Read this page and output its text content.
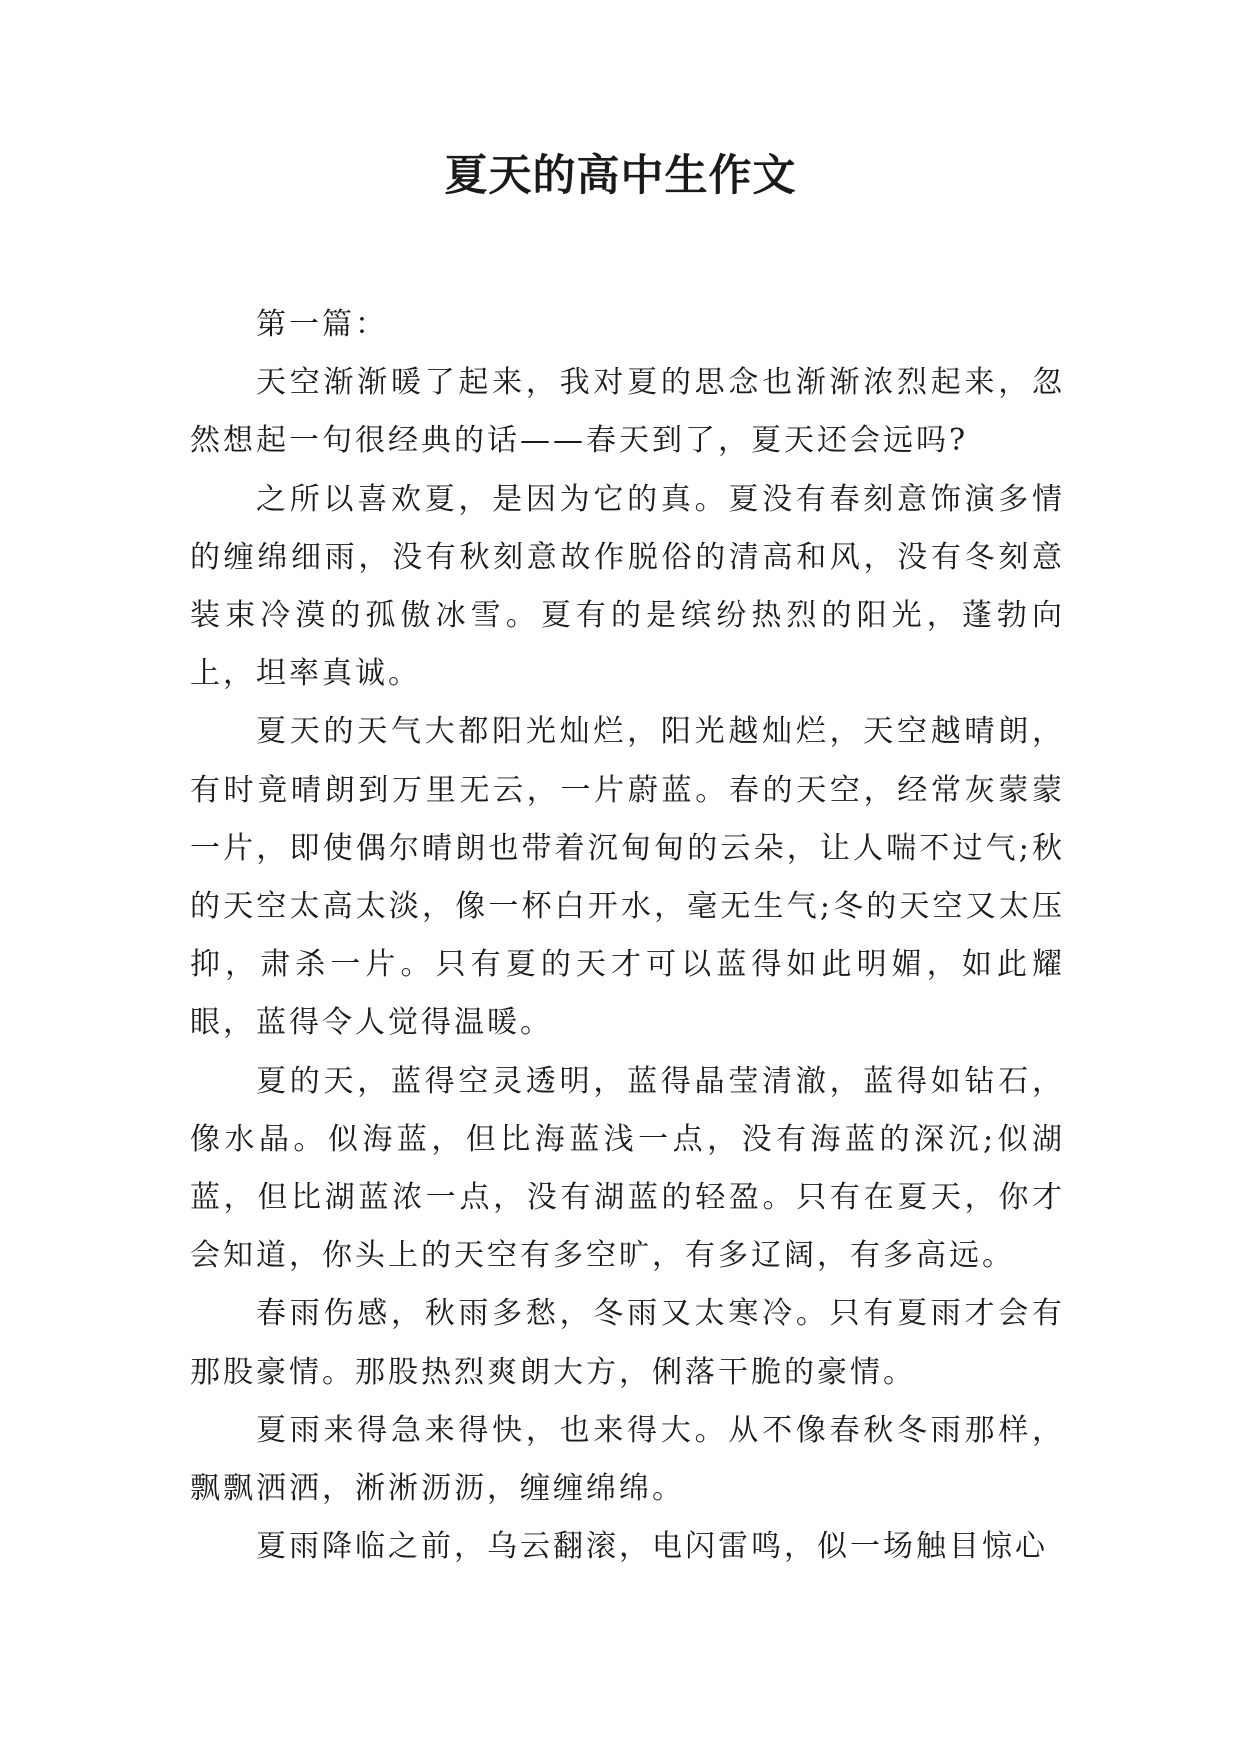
夏天的高中生作文

第一篇：

天空渐渐暖了起来，我对夏的思念也渐渐浓烈起来，忽然想起一句很经典的话——春天到了，夏天还会远吗?

之所以喜欢夏，是因为它的真。夏没有春刻意饰演多情的缠绵细雨，没有秋刻意故作脱俗的清高和风，没有冬刻意装束冷漠的孤傲冰雪。夏有的是缤纷热烈的阳光，蓬勃向上，坦率真诚。

夏天的天气大都阳光灿烂，阳光越灿烂，天空越晴朗，有时竟晴朗到万里无云，一片蔚蓝。春的天空，经常灰蒙蒙一片，即使偶尔晴朗也带着沉甸甸的云朵，让人喘不过气;秋的天空太高太淡，像一杯白开水，毫无生气;冬的天空又太压抑，肃杀一片。只有夏的天才可以蓝得如此明媚，如此耀眼，蓝得令人觉得温暖。

夏的天，蓝得空灵透明，蓝得晶莹清澈，蓝得如钻石，像水晶。似海蓝，但比海蓝浅一点，没有海蓝的深沉;似湖蓝，但比湖蓝浓一点，没有湖蓝的轻盈。只有在夏天，你才会知道，你头上的天空有多空旷，有多辽阔，有多高远。

春雨伤感，秋雨多愁，冬雨又太寒冷。只有夏雨才会有那股豪情。那股热烈爽朗大方，俐落干脆的豪情。

夏雨来得急来得快，也来得大。从不像春秋冬雨那样，飘飘洒洒，淅淅沥沥，缠缠绵绵。

夏雨降临之前，乌云翻滚，电闪雷鸣，似一场触目惊心
